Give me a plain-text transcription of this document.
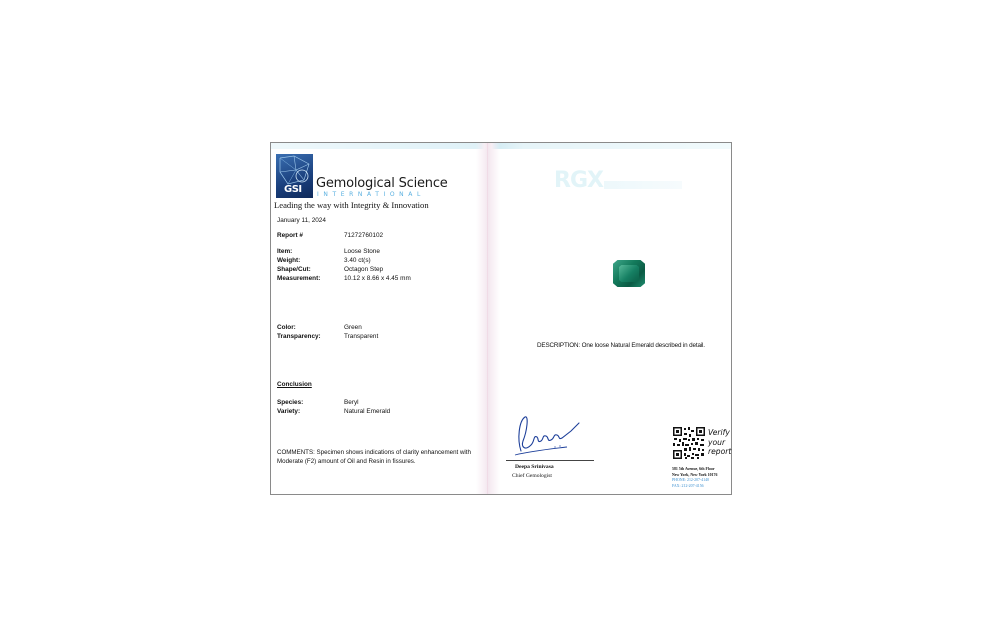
GSI Gemological Science
INTERNATIONAL
Leading the way with Integrity & Innovation
January 11, 2024
Report #	71272760102
Item:	Loose Stone
Weight:	3.40 ct(s)
Shape/Cut:	Octagon Step
Measurement:	10.12 x 8.66 x 4.45 mm
Color:	Green
Transparency:	Transparent
Conclusion
Species:	Beryl
Variety:	Natural Emerald
COMMENTS: Specimen shows indications of clarity enhancement with Moderate (F2) amount of Oil and Resin in fissures.
RGX
DESCRIPTION: One loose Natural Emerald described in detail.
Deepa Srinivasa
Chief Gemologist
Verify
your
report
581 5th Avenue, 6th Floor
New York, New York 10176
PHONE: 212-207-4140
FAX: 212-207-4156
